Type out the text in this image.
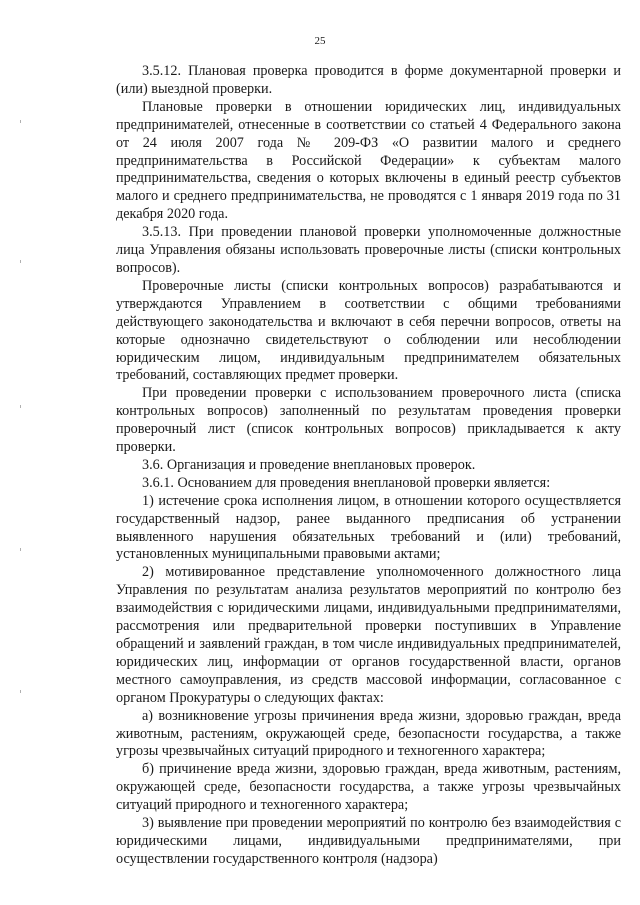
25

3.5.12. Плановая проверка проводится в форме документарной проверки и (или) выездной проверки.

Плановые проверки в отношении юридических лиц, индивидуальных предпринимателей, отнесенные в соответствии со статьей 4 Федерального закона от 24 июля 2007 года № 209-ФЗ «О развитии малого и среднего предпринимательства в Российской Федерации» к субъектам малого предпринимательства, сведения о которых включены в единый реестр субъектов малого и среднего предпринимательства, не проводятся с 1 января 2019 года по 31 декабря 2020 года.

3.5.13. При проведении плановой проверки уполномоченные должностные лица Управления обязаны использовать проверочные листы (списки контрольных вопросов).

Проверочные листы (списки контрольных вопросов) разрабатываются и утверждаются Управлением в соответствии с общими требованиями действующего законодательства и включают в себя перечни вопросов, ответы на которые однозначно свидетельствуют о соблюдении или несоблюдении юридическим лицом, индивидуальным предпринимателем обязательных требований, составляющих предмет проверки.

При проведении проверки с использованием проверочного листа (списка контрольных вопросов) заполненный по результатам проведения проверки проверочный лист (список контрольных вопросов) прикладывается к акту проверки.

3.6. Организация и проведение внеплановых проверок.

3.6.1. Основанием для проведения внеплановой проверки является:

1) истечение срока исполнения лицом, в отношении которого осуществляется государственный надзор, ранее выданного предписания об устранении выявленного нарушения обязательных требований и (или) требований, установленных муниципальными правовыми актами;

2) мотивированное представление уполномоченного должностного лица Управления по результатам анализа результатов мероприятий по контролю без взаимодействия с юридическими лицами, индивидуальными предпринимателями, рассмотрения или предварительной проверки поступивших в Управление обращений и заявлений граждан, в том числе индивидуальных предпринимателей, юридических лиц, информации от органов государственной власти, органов местного самоуправления, из средств массовой информации, согласованное с органом Прокуратуры о следующих фактах:

а) возникновение угрозы причинения вреда жизни, здоровью граждан, вреда животным, растениям, окружающей среде, безопасности государства, а также угрозы чрезвычайных ситуаций природного и техногенного характера;

б) причинение вреда жизни, здоровью граждан, вреда животным, растениям, окружающей среде, безопасности государства, а также угрозы чрезвычайных ситуаций природного и техногенного характера;

3) выявление при проведении мероприятий по контролю без взаимодействия с юридическими лицами, индивидуальными предпринимателями, при осуществлении государственного контроля (надзора)
